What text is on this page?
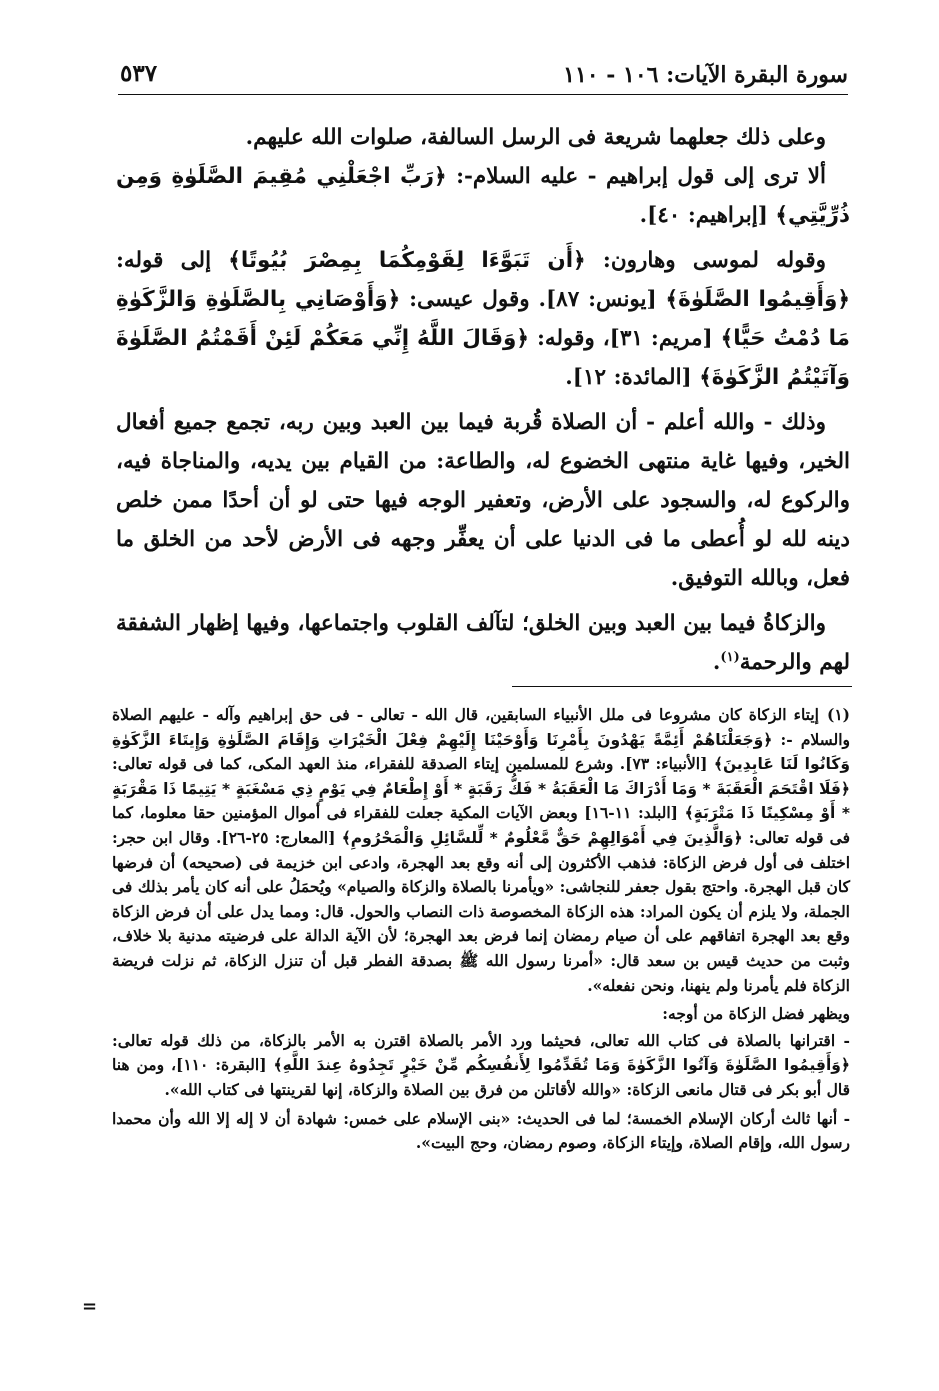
سورة البقرة الآيات: ١٠٦ - ١١٠
٥٣٧

وعلى ذلك جعلهما شريعة فى الرسل السالفة، صلوات الله عليهم.

ألا ترى إلى قول إبراهيم - عليه السلام-: ﴿رَبِّ اجْعَلْنِي مُقِيمَ الصَّلَوٰةِ وَمِن ذُرِّيَّتِي﴾ [إبراهيم: ٤٠].

وقوله لموسى وهارون: ﴿أَن تَبَوَّءَا لِقَوْمِكُمَا بِمِصْرَ بُيُوتًا﴾ إلى قوله: ﴿وَأَقِيمُوا الصَّلَوٰةَ﴾ [يونس: ٨٧]. وقول عيسى: ﴿وَأَوْصَانِي بِالصَّلَوٰةِ وَالزَّكَوٰةِ مَا دُمْتُ حَيًّا﴾ [مريم: ٣١]، وقوله: ﴿وَقَالَ اللَّهُ إِنِّي مَعَكُمْ لَئِنْ أَقَمْتُمُ الصَّلَوٰةَ وَآتَيْتُمُ الزَّكَوٰةَ﴾ [المائدة: ١٢].

وذلك - والله أعلم - أن الصلاة قُربة فيما بين العبد وبين ربه، تجمع جميع أفعال الخير، وفيها غاية منتهى الخضوع له، والطاعة: من القيام بين يديه، والمناجاة فيه، والركوع له، والسجود على الأرض، وتعفير الوجه فيها حتى لو أن أحدًا ممن خلص دينه لله لو أُعطى ما فى الدنيا على أن يعفِّر وجهه فى الأرض لأحد من الخلق ما فعل، وبالله التوفيق.

والزكاةُ فيما بين العبد وبين الخلق؛ لتآلف القلوب واجتماعها، وفيها إظهار الشفقة لهم والرحمة$^{(١)}$.

(١)إيتاء الزكاة كان مشروعا فى ملل الأنبياء السابقين، قال الله - تعالى - فى حق إبراهيم وآله - عليهم الصلاة والسلام -: ﴿وَجَعَلْنَاهُمْ أَئِمَّةً يَهْدُونَ بِأَمْرِنَا وَأَوْحَيْنَا إِلَيْهِمْ فِعْلَ الْخَيْرَاتِ وَإِقَامَ الصَّلَوٰةِ وَإِيتَاءَ الزَّكَوٰةِ وَكَانُوا لَنَا عَابِدِينَ﴾ [الأنبياء: ٧٣]. وشرع للمسلمين إيتاء الصدقة للفقراء، منذ العهد المكى، كما فى قوله تعالى: ﴿فَلَا اقْتَحَمَ الْعَقَبَةَ * وَمَا أَدْرَاكَ مَا الْعَقَبَةُ * فَكُّ رَقَبَةٍ * أَوْ إِطْعَامٌ فِي يَوْمٍ ذِي مَسْغَبَةٍ * يَتِيمًا ذَا مَقْرَبَةٍ * أَوْ مِسْكِينًا ذَا مَتْرَبَةٍ﴾ [البلد: ١١-١٦] وبعض الآيات المكية جعلت للفقراء فى أموال المؤمنين حقا معلوما، كما فى قوله تعالى: ﴿وَالَّذِينَ فِي أَمْوَالِهِمْ حَقٌّ مَّعْلُومٌ * لِّلسَّائِلِ وَالْمَحْرُومِ﴾ [المعارج: ٢٥-٢٦]. وقال ابن حجر: اختلف فى أول فرض الزكاة: فذهب الأكثرون إلى أنه وقع بعد الهجرة، وادعى ابن خزيمة فى (صحيحه) أن فرضها كان قبل الهجرة. واحتج بقول جعفر للنجاشى: «ويأمرنا بالصلاة والزكاة والصيام» ويُحمَلُ على أنه كان يأمر بذلك فى الجملة، ولا يلزم أن يكون المراد: هذه الزكاة المخصوصة ذات النصاب والحول. قال: ومما يدل على أن فرض الزكاة وقع بعد الهجرة اتفاقهم على أن صيام رمضان إنما فرض بعد الهجرة؛ لأن الآية الدالة على فرضيته مدنية بلا خلاف، وثبت من حديث قيس بن سعد قال: «أمرنا رسول الله ﷺ بصدقة الفطر قبل أن تنزل الزكاة، ثم نزلت فريضة الزكاة فلم يأمرنا ولم ينهنا، ونحن نفعله».

ويظهر فضل الزكاة من أوجه:

- اقترانها بالصلاة فى كتاب الله تعالى، فحيثما ورد الأمر بالصلاة اقترن به الأمر بالزكاة، من ذلك قوله تعالى: ﴿وَأَقِيمُوا الصَّلَوٰةَ وَآتُوا الزَّكَوٰةَ وَمَا تُقَدِّمُوا لِأَنفُسِكُم مِّنْ خَيْرٍ تَجِدُوهُ عِندَ اللَّهِ﴾ [البقرة: ١١٠]، ومن هنا قال أبو بكر فى قتال مانعى الزكاة: «والله لأقاتلن من فرق بين الصلاة والزكاة، إنها لقرينتها فى كتاب الله».

- أنها ثالث أركان الإسلام الخمسة؛ لما فى الحديث: «بنى الإسلام على خمس: شهادة أن لا إله إلا الله وأن محمدا رسول الله، وإقام الصلاة، وإيتاء الزكاة، وصوم رمضان، وحج البيت».

=
